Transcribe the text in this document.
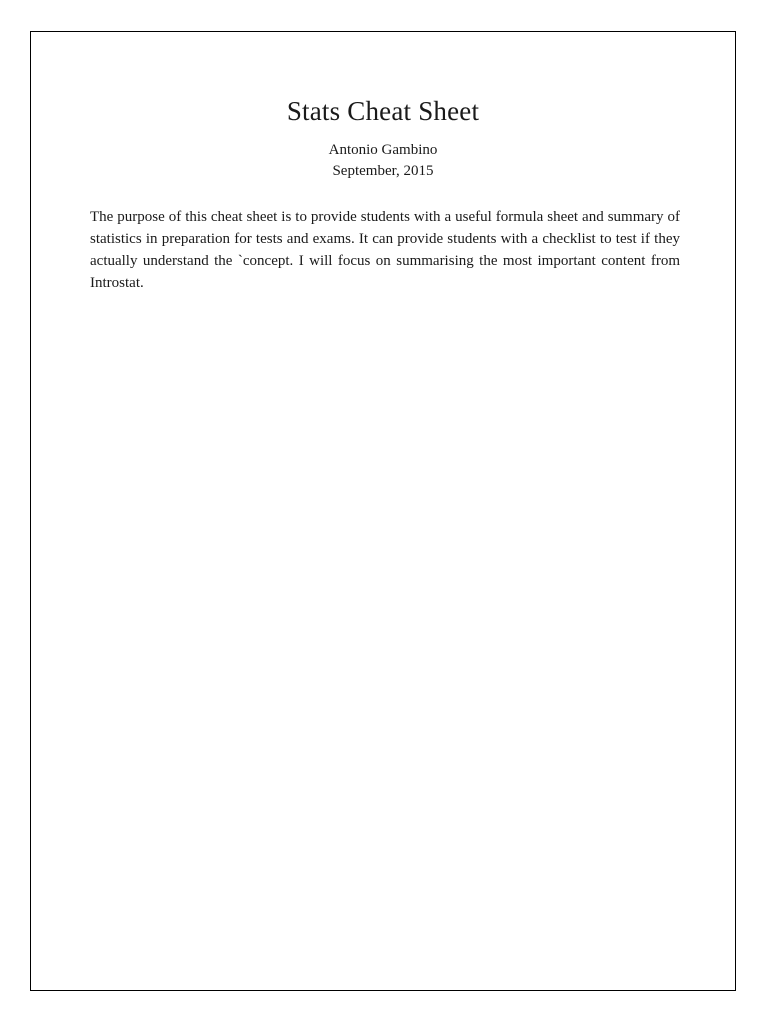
Stats Cheat Sheet
Antonio Gambino
September, 2015

The purpose of this cheat sheet is to provide students with a useful formula sheet and summary of statistics in preparation for tests and exams. It can provide students with a checklist to test if they actually understand the `concept. I will focus on summarising the most important content from Introstat.
